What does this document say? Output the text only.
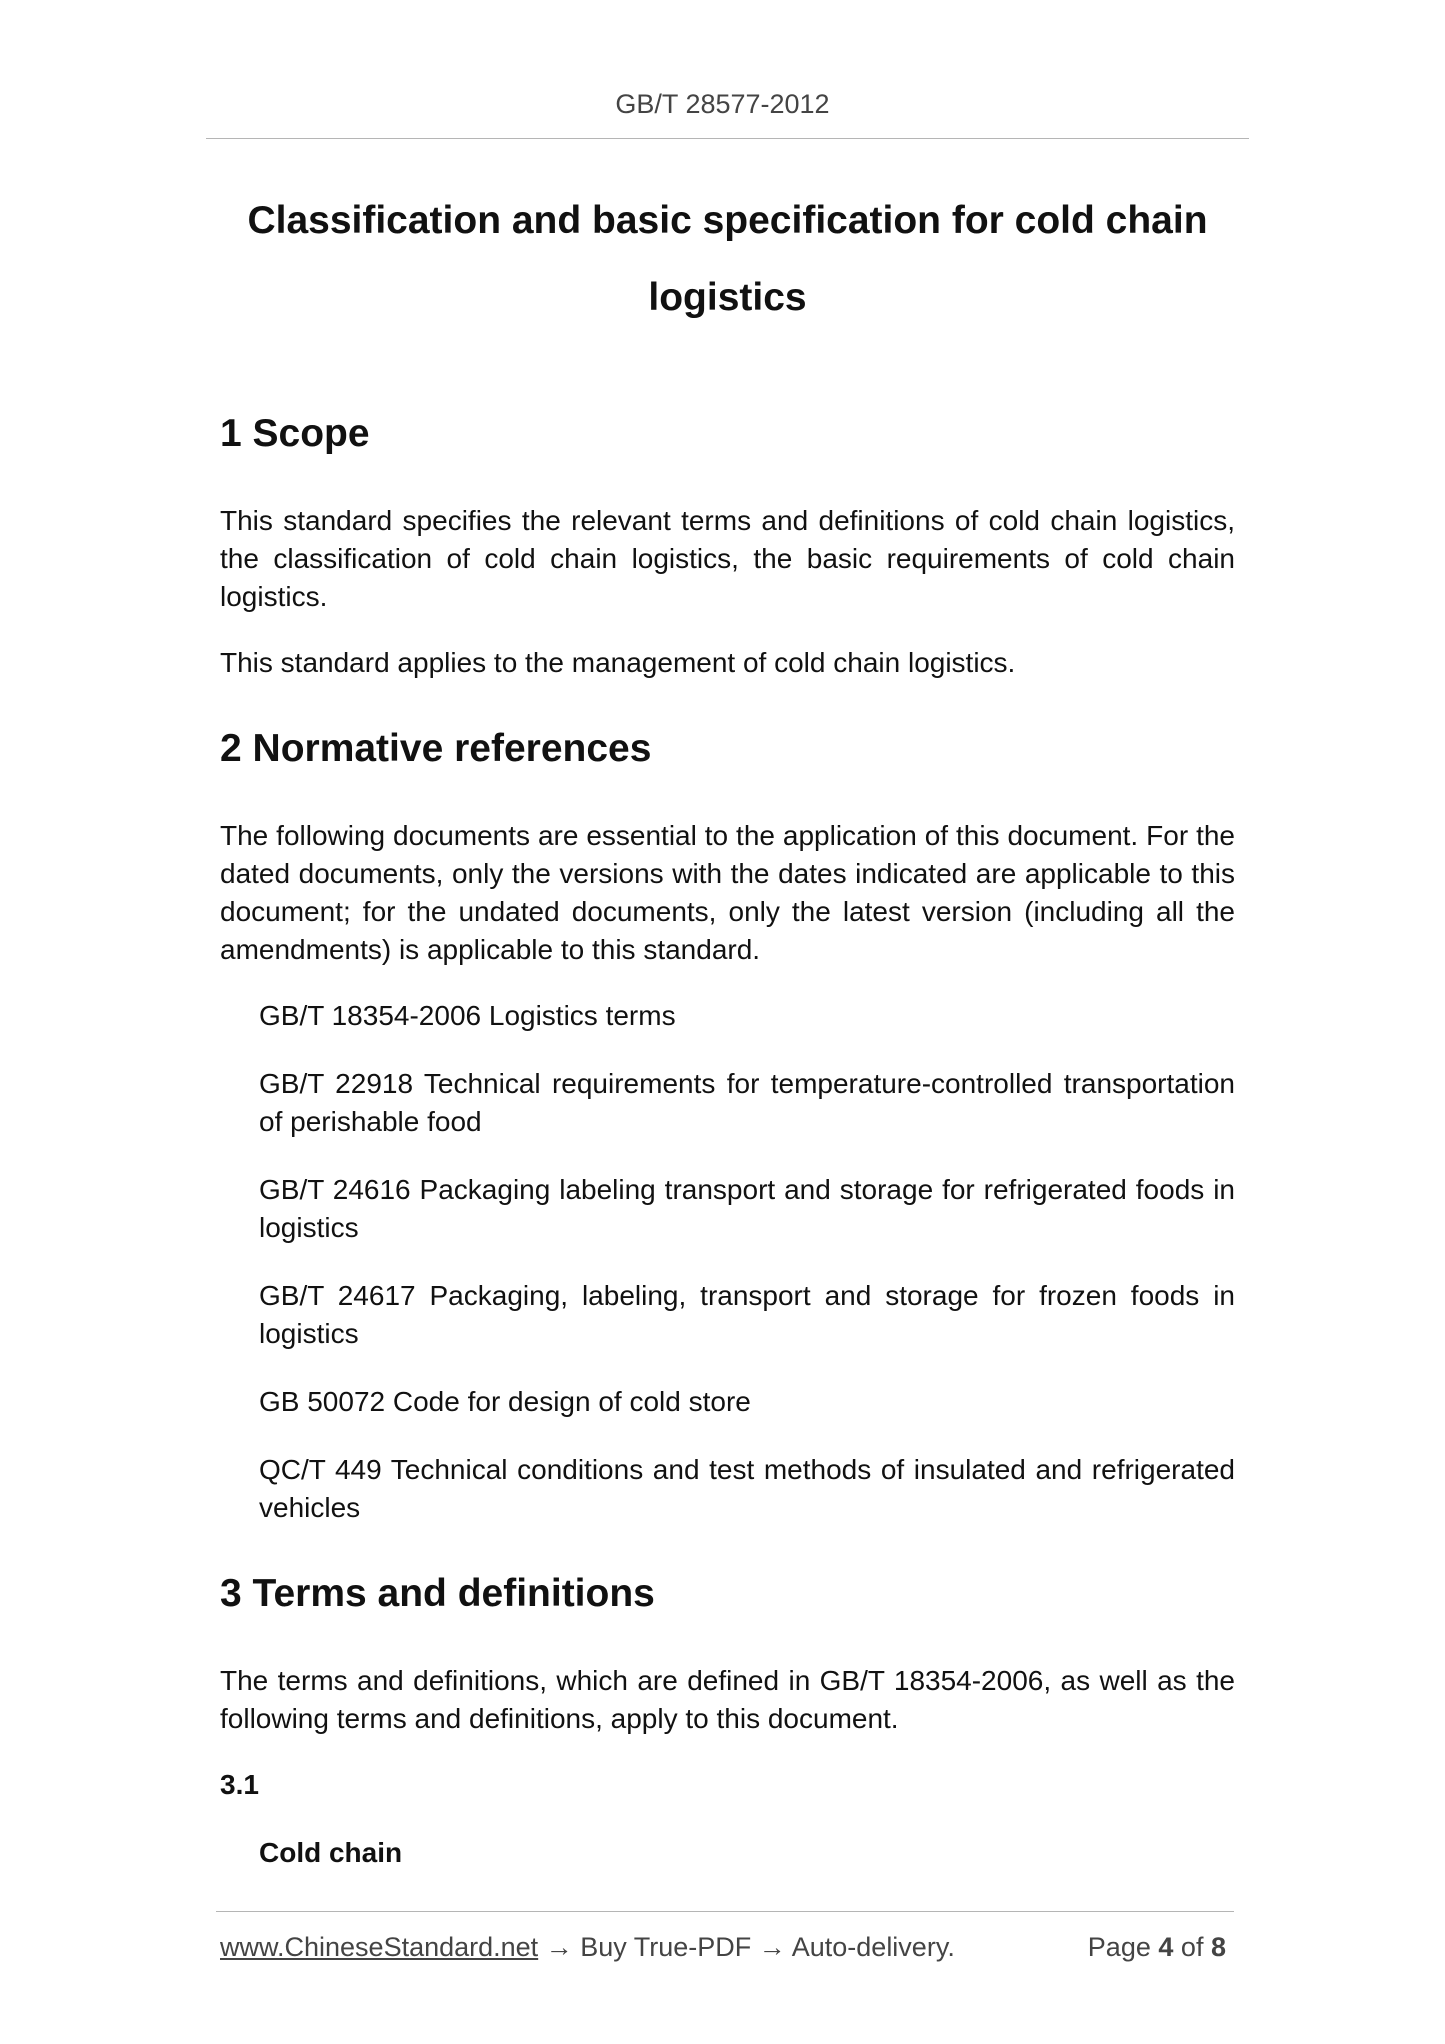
GB/T 28577-2012
Classification and basic specification for cold chain logistics
1 Scope
This standard specifies the relevant terms and definitions of cold chain logistics, the classification of cold chain logistics, the basic requirements of cold chain logistics.
This standard applies to the management of cold chain logistics.
2 Normative references
The following documents are essential to the application of this document. For the dated documents, only the versions with the dates indicated are applicable to this document; for the undated documents, only the latest version (including all the amendments) is applicable to this standard.
GB/T 18354-2006 Logistics terms
GB/T 22918 Technical requirements for temperature-controlled transportation of perishable food
GB/T 24616 Packaging labeling transport and storage for refrigerated foods in logistics
GB/T 24617 Packaging, labeling, transport and storage for frozen foods in logistics
GB 50072 Code for design of cold store
QC/T 449 Technical conditions and test methods of insulated and refrigerated vehicles
3 Terms and definitions
The terms and definitions, which are defined in GB/T 18354-2006, as well as the following terms and definitions, apply to this document.
3.1
Cold chain
www.ChineseStandard.net → Buy True-PDF → Auto-delivery.	Page 4 of 8
